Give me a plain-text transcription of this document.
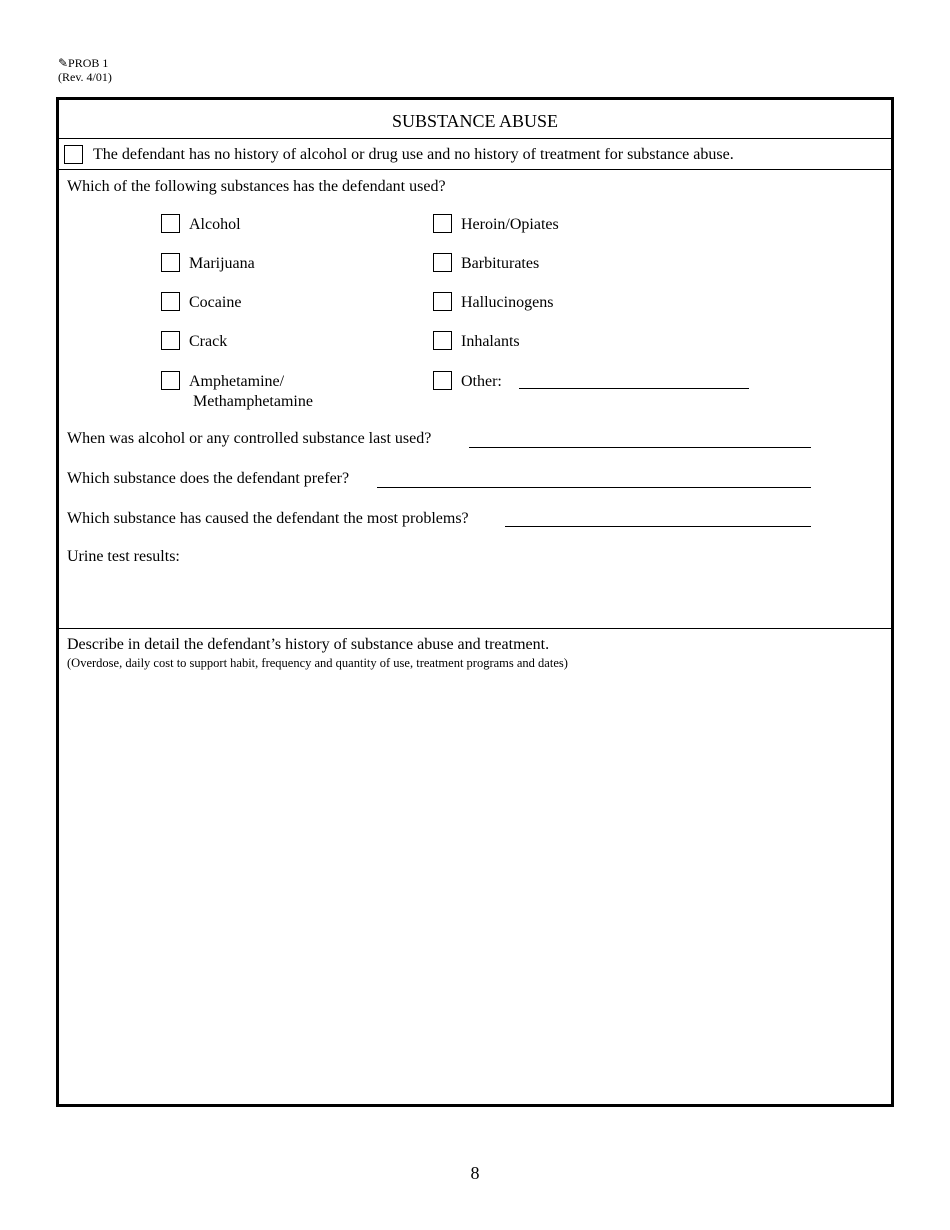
✎PROB 1
(Rev. 4/01)
SUBSTANCE ABUSE
The defendant has no history of alcohol or drug use and no history of treatment for substance abuse.
Which of the following substances has the defendant used?
Alcohol
Marijuana
Cocaine
Crack
Amphetamine/
Methamphetamine
Heroin/Opiates
Barbiturates
Hallucinogens
Inhalants
Other:
When was alcohol or any controlled substance last used?
Which substance does the defendant prefer?
Which substance has caused the defendant the most problems?
Urine test results:
Describe in detail the defendant’s history of substance abuse and treatment.
(Overdose, daily cost to support habit, frequency and quantity of use, treatment programs and dates)
8
